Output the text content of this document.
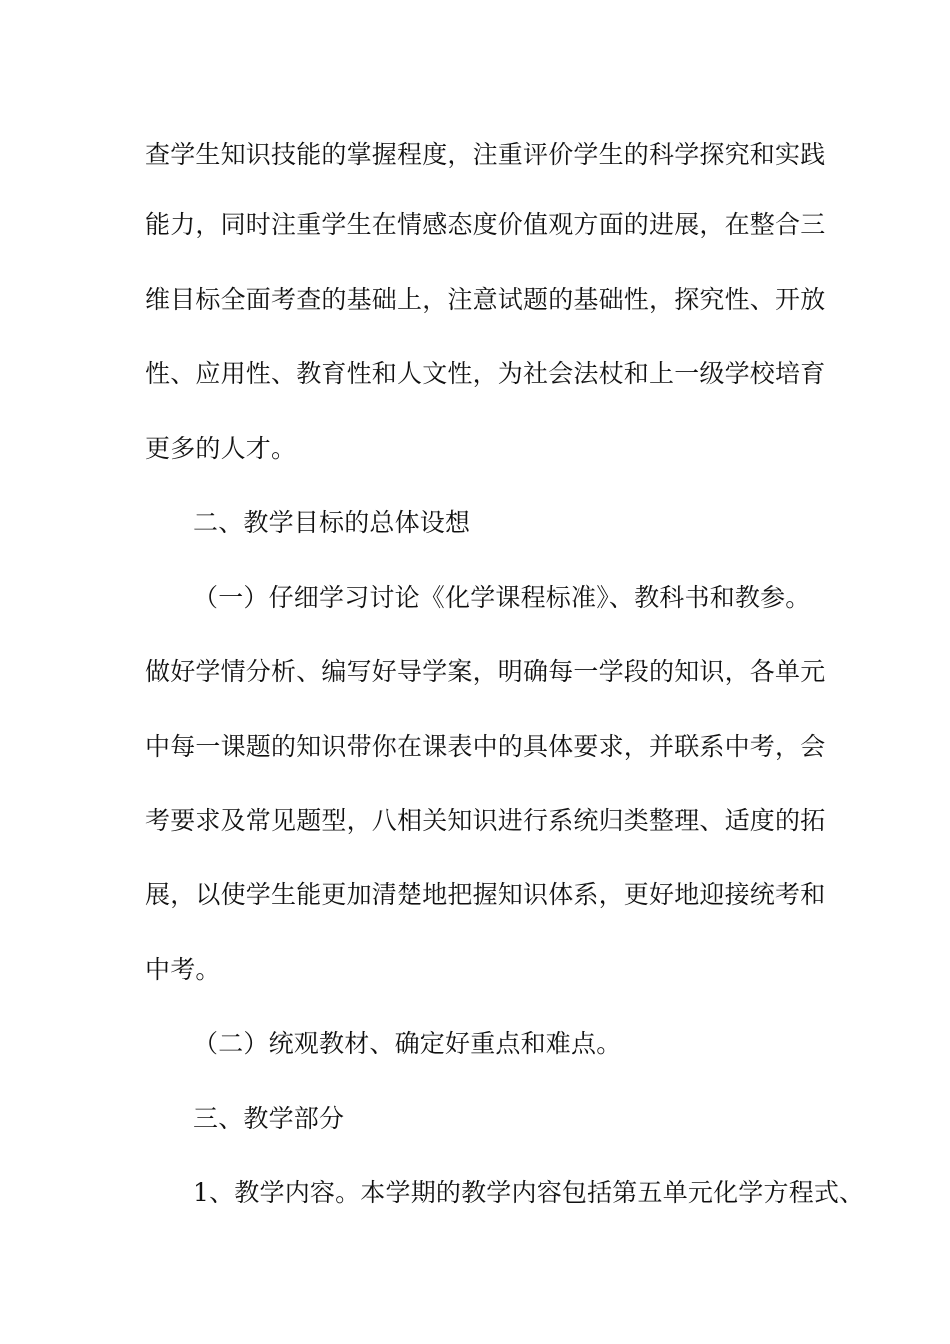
查学生知识技能的掌握程度，注重评价学生的科学探究和实践
能力，同时注重学生在情感态度价值观方面的进展，在整合三
维目标全面考查的基础上，注意试题的基础性，探究性、开放
性、应用性、教育性和人文性，为社会法杖和上一级学校培育
更多的人才。
二、教学目标的总体设想
（一）仔细学习讨论《化学课程标准》、教科书和教参。
做好学情分析、编写好导学案，明确每一学段的知识，各单元
中每一课题的知识带你在课表中的具体要求，并联系中考，会
考要求及常见题型，八相关知识进行系统归类整理、适度的拓
展，以使学生能更加清楚地把握知识体系，更好地迎接统考和
中考。
（二）统观教材、确定好重点和难点。
三、教学部分
1、教学内容。本学期的教学内容包括第五单元化学方程式、
